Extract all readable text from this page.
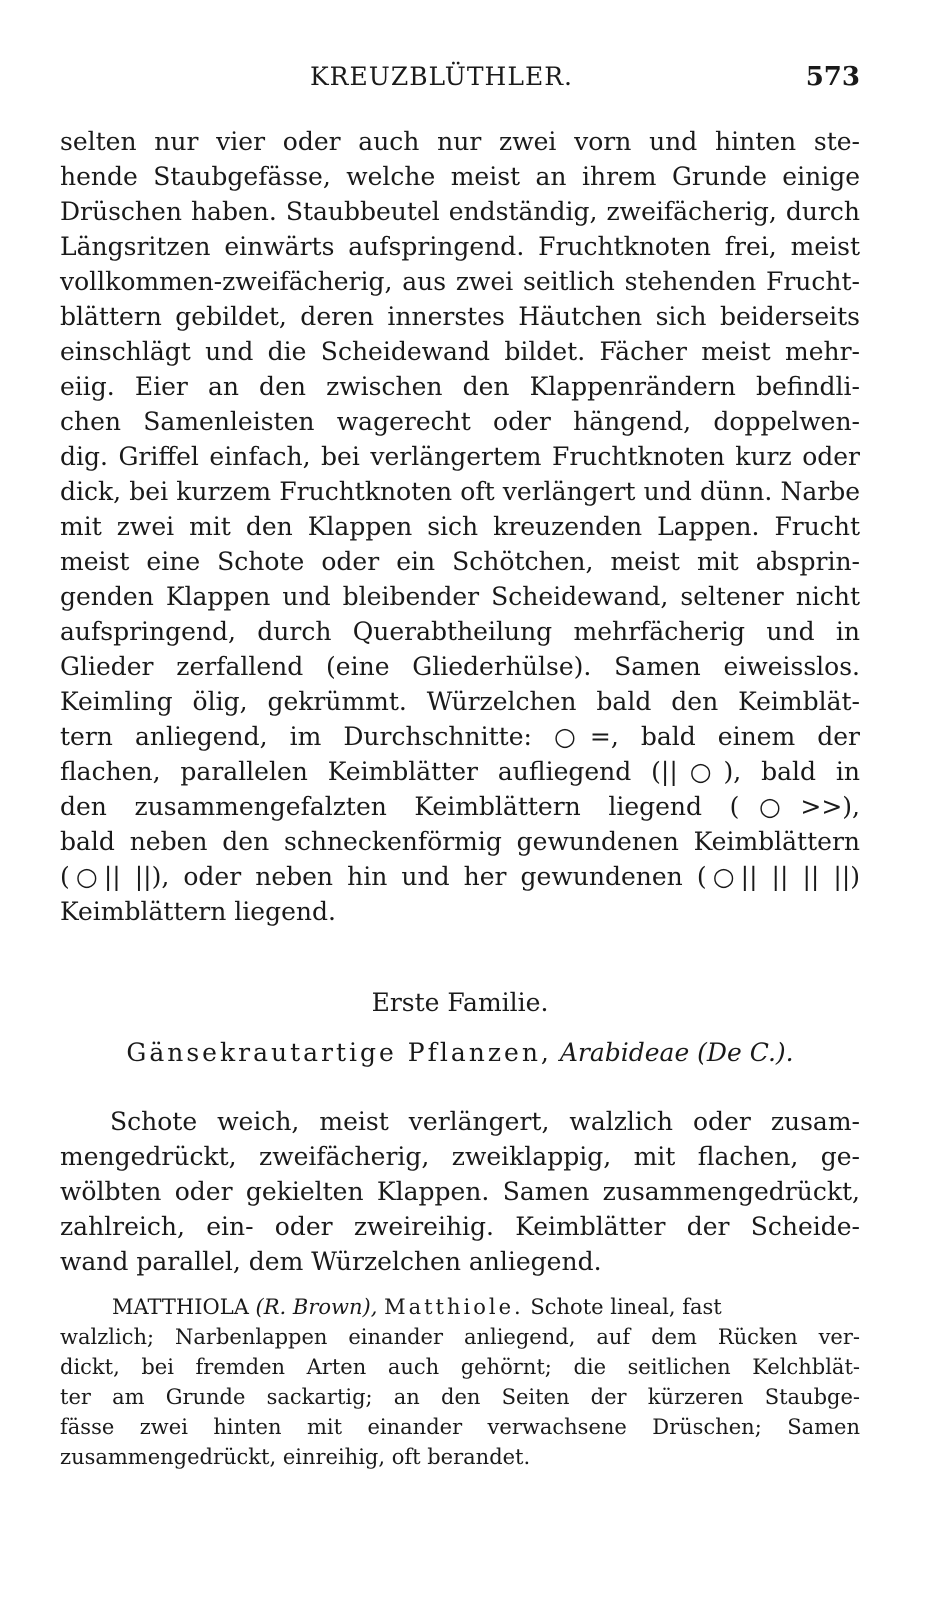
KREUZBLÜTHLER.	573
selten nur vier oder auch nur zwei vorn und hinten ste-
hende Staubgefässe, welche meist an ihrem Grunde einige
Drüschen haben. Staubbeutel endständig, zweifächerig, durch
Längsritzen einwärts aufspringend. Fruchtknoten frei, meist
vollkommen-zweifächerig, aus zwei seitlich stehenden Frucht-
blättern gebildet, deren innerstes Häutchen sich beiderseits
einschlägt und die Scheidewand bildet. Fächer meist mehr-
eiig. Eier an den zwischen den Klappenrändern befindli-
chen Samenleisten wagerecht oder hängend, doppelwen-
dig. Griffel einfach, bei verlängertem Fruchtknoten kurz oder
dick, bei kurzem Fruchtknoten oft verlängert und dünn. Narbe
mit zwei mit den Klappen sich kreuzenden Lappen. Frucht
meist eine Schote oder ein Schötchen, meist mit absprin-
genden Klappen und bleibender Scheidewand, seltener nicht
aufspringend, durch Querabtheilung mehrfächerig und in
Glieder zerfallend (eine Gliederhülse). Samen eiweisslos.
Keimling ölig, gekrümmt. Würzelchen bald den Keimblät-
tern anliegend, im Durchschnitte: ○=, bald einem der
flachen, parallelen Keimblätter aufliegend (||○), bald in
den zusammengefalzten Keimblättern liegend (○>>),
bald neben den schneckenförmig gewundenen Keimblättern
(○|| ||), oder neben hin und her gewundenen (○|| || || ||)
Keimblättern liegend.
Erste Familie.
Gänsekrautartige Pflanzen, Arabideae (De C.).
Schote weich, meist verlängert, walzlich oder zusam-
mengedrückt, zweifächerig, zweiklappig, mit flachen, ge-
wölbten oder gekielten Klappen. Samen zusammengedrückt,
zahlreich, ein- oder zweireihig. Keimblätter der Scheide-
wand parallel, dem Würzelchen anliegend.
MATTHIOLA (R. Brown), Matthiole. Schote lineal, fast
walzlich; Narbenlappen einander anliegend, auf dem Rücken ver-
dickt, bei fremden Arten auch gehörnt; die seitlichen Kelchblät-
ter am Grunde sackartig; an den Seiten der kürzeren Staubge-
fässe zwei hinten mit einander verwachsene Drüschen; Samen
zusammengedrückt, einreihig, oft berandet.
